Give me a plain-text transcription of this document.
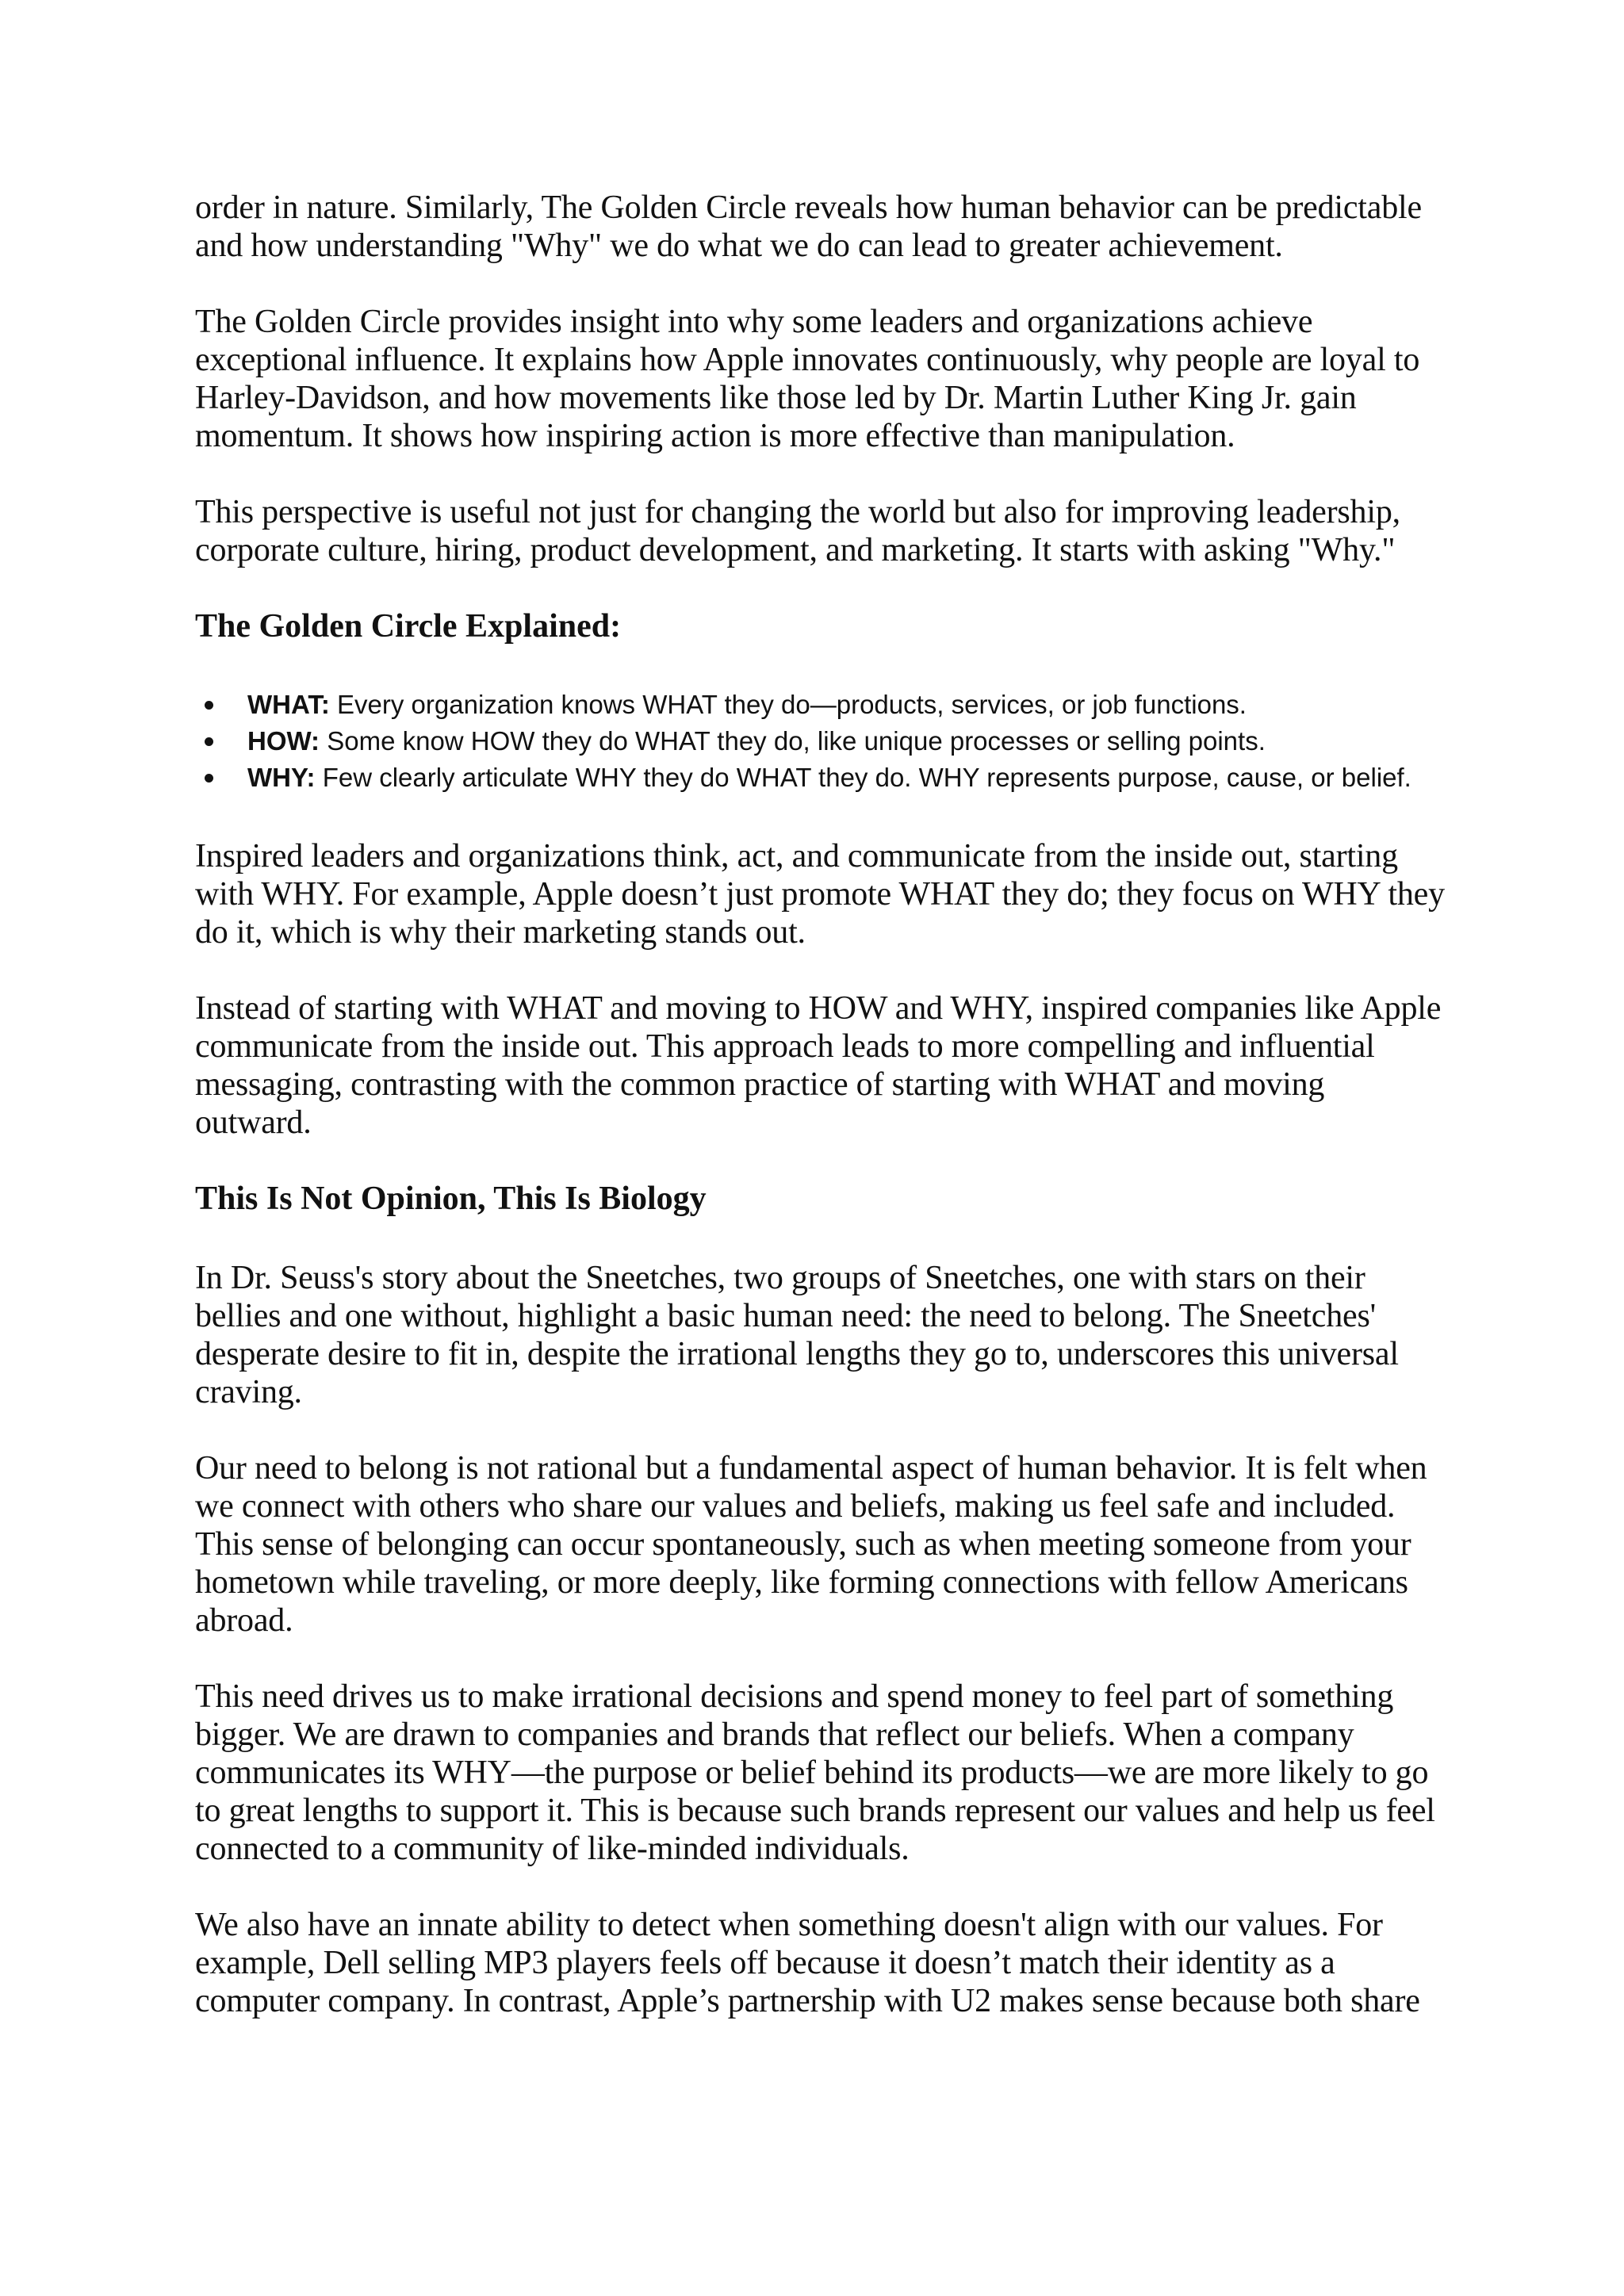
order in nature. Similarly, The Golden Circle reveals how human behavior can be predictable and how understanding "Why" we do what we do can lead to greater achievement.

The Golden Circle provides insight into why some leaders and organizations achieve exceptional influence. It explains how Apple innovates continuously, why people are loyal to Harley-Davidson, and how movements like those led by Dr. Martin Luther King Jr. gain momentum. It shows how inspiring action is more effective than manipulation.

This perspective is useful not just for changing the world but also for improving leadership, corporate culture, hiring, product development, and marketing. It starts with asking "Why."

The Golden Circle Explained:
WHAT: Every organization knows WHAT they do—products, services, or job functions.
HOW: Some know HOW they do WHAT they do, like unique processes or selling points.
WHY: Few clearly articulate WHY they do WHAT they do. WHY represents purpose, cause, or belief.

Inspired leaders and organizations think, act, and communicate from the inside out, starting with WHY. For example, Apple doesn’t just promote WHAT they do; they focus on WHY they do it, which is why their marketing stands out.

Instead of starting with WHAT and moving to HOW and WHY, inspired companies like Apple communicate from the inside out. This approach leads to more compelling and influential messaging, contrasting with the common practice of starting with WHAT and moving outward.

This Is Not Opinion, This Is Biology

In Dr. Seuss's story about the Sneetches, two groups of Sneetches, one with stars on their bellies and one without, highlight a basic human need: the need to belong. The Sneetches' desperate desire to fit in, despite the irrational lengths they go to, underscores this universal craving.

Our need to belong is not rational but a fundamental aspect of human behavior. It is felt when we connect with others who share our values and beliefs, making us feel safe and included. This sense of belonging can occur spontaneously, such as when meeting someone from your hometown while traveling, or more deeply, like forming connections with fellow Americans abroad.

This need drives us to make irrational decisions and spend money to feel part of something bigger. We are drawn to companies and brands that reflect our beliefs. When a company communicates its WHY—the purpose or belief behind its products—we are more likely to go to great lengths to support it. This is because such brands represent our values and help us feel connected to a community of like-minded individuals.

We also have an innate ability to detect when something doesn't align with our values. For example, Dell selling MP3 players feels off because it doesn’t match their identity as a computer company. In contrast, Apple’s partnership with U2 makes sense because both share
